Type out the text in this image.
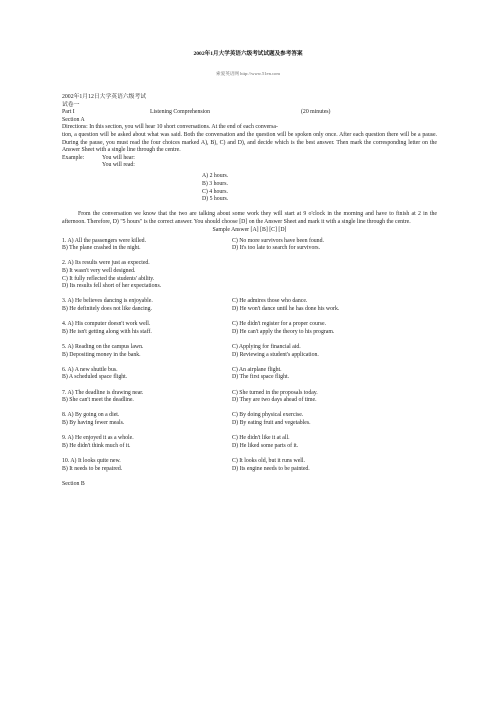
2002年1月大学英语六级考试试题及参考答案
索爱英语网 http://www.51en.com
2002年1月12日大学英语六级考试
试卷一
Part I	Listening Comprehension	(20 minutes)
Section A
Directions: In this section, you will hear 10 short conversations. At the end of each conversa-
tion, a question will be asked about what was said. Both the conversation and the question will be spoken only once. After each question there will be a pause. During the pause, you must read the four choices marked A), B), C) and D), and decide which is the best answer. Then mark the corresponding letter on the Answer Sheet with a single line through the centre.
Example:	You will hear:
You will read:
A) 2 hours.
B) 3 hours.
C) 4 hours.
D) 5 hours.
From the conversation we know that the two are talking about some work they will start at 9 o'clock in the morning and have to finish at 2 in the afternoon. Therefore, D) "5 hours" is the correct answer. You should choose [D] on the Answer Sheet and mark it with a single line through the centre.
Sample Answer [A] [B] [C] [D]
1. A) All the passengers were killed.	C) No more survivors have been found.
B) The plane crashed in the night.	D) It's too late to search for survivors.
2. A) Its results were just as expected.
B) It wasn't very well designed.
C) It fully reflected the students' ability.
D) Its results fell short of her expectations.
3. A) He believes dancing is enjoyable.	C) He admires those who dance.
B) He definitely does not like dancing.	D) He won't dance until he has done his work.
4. A) His computer doesn't work well.	C) He didn't register for a proper course.
B) He isn't getting along with his staff.	D) He can't apply the theory to his program.
5. A) Reading on the campus lawn.	C) Applying for financial aid.
B) Depositing money in the bank.	D) Reviewing a student's application.
6. A) A new shuttle bus.	C) An airplane flight.
B) A scheduled space flight.	D) The first space flight.
7. A) The deadline is drawing near.	C) She turned in the proposals today.
B) She can't meet the deadline.	D) They are two days ahead of time.
8. A) By going on a diet.	C) By doing physical exercise.
B) By having fewer meals.	D) By eating fruit and vegetables.
9. A) He enjoyed it as a whole.	C) He didn't like it at all.
B) He didn't think much of it.	D) He liked some parts of it.
10. A) It looks quite new.	C) It looks old, but it runs well.
B) It needs to be repaired.	D) Its engine needs to be painted.
Section B
